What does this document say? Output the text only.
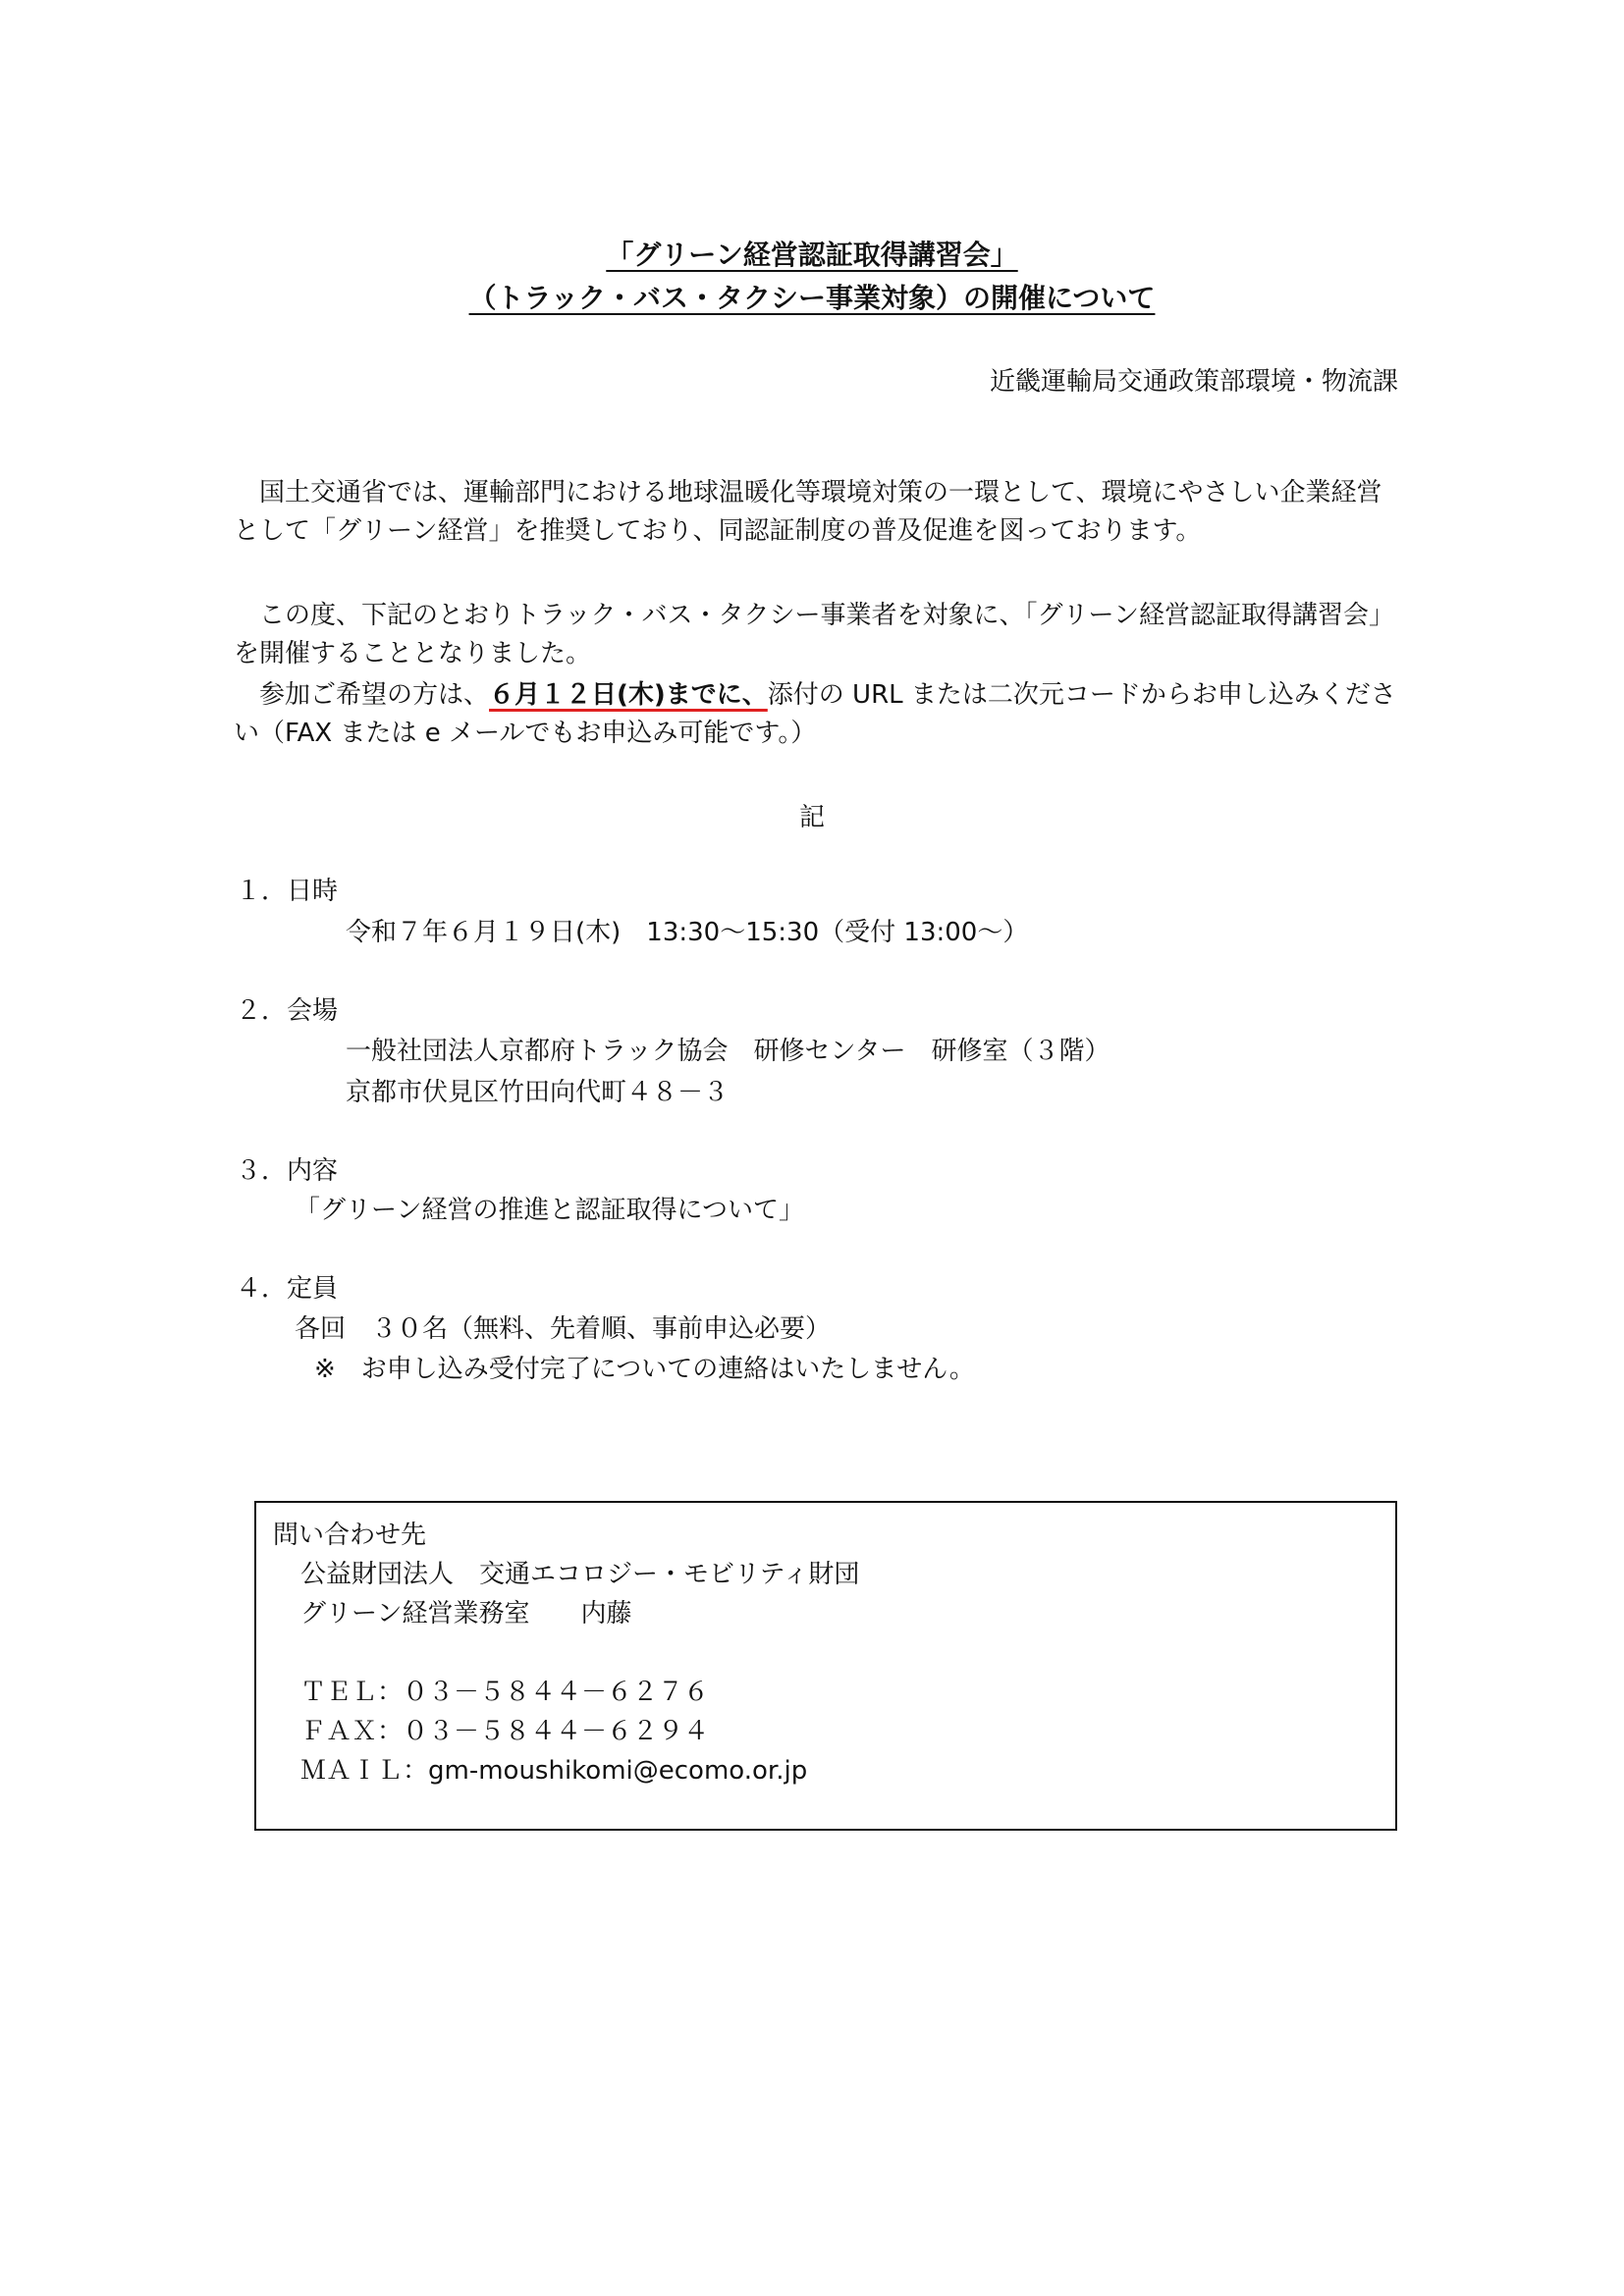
「グリーン経営認証取得講習会」
（トラック・バス・タクシー事業対象）の開催について
近畿運輸局交通政策部環境・物流課
国土交通省では、運輸部門における地球温暖化等環境対策の一環として、環境にやさしい企業経営として「グリーン経営」を推奨しており、同認証制度の普及促進を図っております。
この度、下記のとおりトラック・バス・タクシー事業者を対象に、「グリーン経営認証取得講習会」を開催することとなりました。
参加ご希望の方は、６月１２日(木)までに、添付の URL または二次元コードからお申し込みください（FAX または e メールでもお申込み可能です。）
記
１．日時
令和７年６月１９日(木)　13:30～15:30（受付 13:00～）
２．会場
一般社団法人京都府トラック協会　研修センター　研修室（３階）
京都市伏見区竹田向代町４８－３
３．内容
「グリーン経営の推進と認証取得について」
４．定員
各回　３０名（無料、先着順、事前申込必要）
※　お申し込み受付完了についての連絡はいたしません。
問い合わせ先
公益財団法人　交通エコロジー・モビリティ財団
グリーン経営業務室　　内藤
ＴＥＬ：０３－５８４４－６２７６
ＦＡＸ：０３－５８４４－６２９４
ＭＡＩＬ：gm-moushikomi@ecomo.or.jp
